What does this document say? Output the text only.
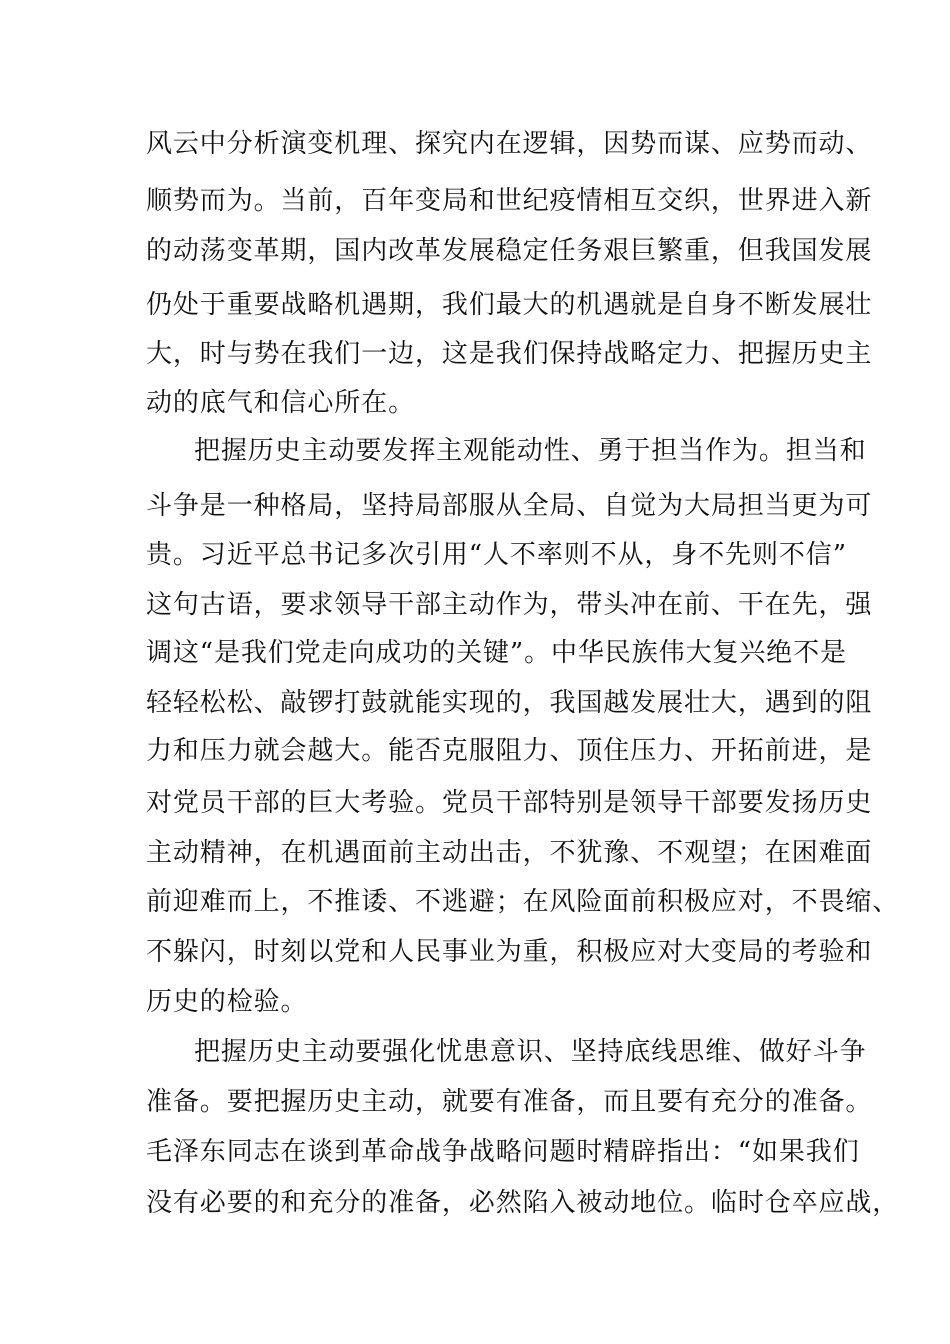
风云中分析演变机理、探究内在逻辑，因势而谋、应势而动、
顺势而为。当前，百年变局和世纪疫情相互交织，世界进入新
的动荡变革期，国内改革发展稳定任务艰巨繁重，但我国发展
仍处于重要战略机遇期，我们最大的机遇就是自身不断发展壮
大，时与势在我们一边，这是我们保持战略定力、把握历史主
动的底气和信心所在。
把握历史主动要发挥主观能动性、勇于担当作为。担当和
斗争是一种格局，坚持局部服从全局、自觉为大局担当更为可
贵。习近平总书记多次引用“人不率则不从，身不先则不信”
这句古语，要求领导干部主动作为，带头冲在前、干在先，强
调这“是我们党走向成功的关键”。中华民族伟大复兴绝不是
轻轻松松、敲锣打鼓就能实现的，我国越发展壮大，遇到的阻
力和压力就会越大。能否克服阻力、顶住压力、开拓前进，是
对党员干部的巨大考验。党员干部特别是领导干部要发扬历史
主动精神，在机遇面前主动出击，不犹豫、不观望；在困难面
前迎难而上，不推诿、不逃避；在风险面前积极应对，不畏缩、
不躲闪，时刻以党和人民事业为重，积极应对大变局的考验和
历史的检验。
把握历史主动要强化忧患意识、坚持底线思维、做好斗争
准备。要把握历史主动，就要有准备，而且要有充分的准备。
毛泽东同志在谈到革命战争战略问题时精辟指出：“如果我们
没有必要的和充分的准备，必然陷入被动地位。临时仓卒应战，
